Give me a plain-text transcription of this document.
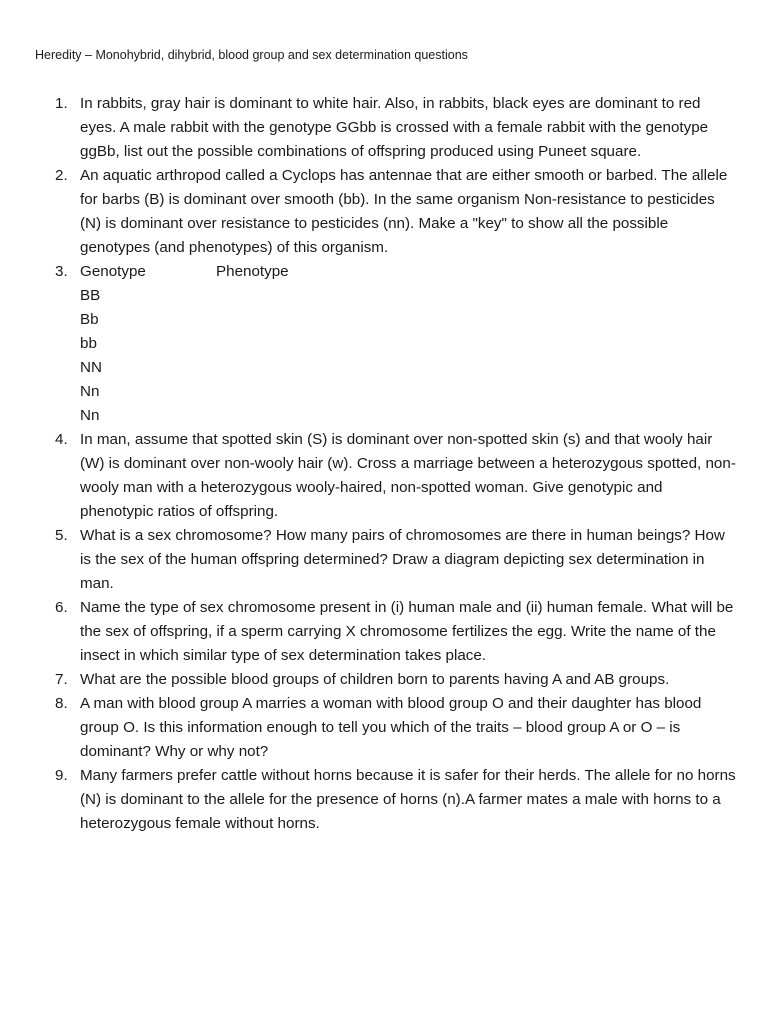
Heredity – Monohybrid, dihybrid, blood group and sex determination questions
1. In rabbits, gray hair is dominant to white hair. Also, in rabbits, black eyes are dominant to red eyes. A male rabbit with the genotype GGbb is crossed with a female rabbit with the genotype ggBb, list out the possible combinations of offspring produced using Puneet square.
2. An aquatic arthropod called a Cyclops has antennae that are either smooth or barbed. The allele for barbs (B) is dominant over smooth (bb). In the same organism Non-resistance to pesticides (N) is dominant over resistance to pesticides (nn). Make a "key" to show all the possible genotypes (and phenotypes) of this organism.
3. Genotype	Phenotype
BB
Bb
bb
NN
Nn
Nn
4. In man, assume that spotted skin (S) is dominant over non-spotted skin (s) and that wooly hair (W) is dominant over non-wooly hair (w). Cross a marriage between a heterozygous spotted, non-wooly man with a heterozygous wooly-haired, non-spotted woman. Give genotypic and phenotypic ratios of offspring.
5. What is a sex chromosome? How many pairs of chromosomes are there in human beings? How is the sex of the human offspring determined? Draw a diagram depicting sex determination in man.
6. Name the type of sex chromosome present in (i) human male and (ii) human female. What will be the sex of offspring, if a sperm carrying X chromosome fertilizes the egg. Write the name of the insect in which similar type of sex determination takes place.
7. What are the possible blood groups of children born to parents having A and AB groups.
8. A man with blood group A marries a woman with blood group O and their daughter has blood group O. Is this information enough to tell you which of the traits – blood group A or O – is dominant? Why or why not?
9. Many farmers prefer cattle without horns because it is safer for their herds. The allele for no horns (N) is dominant to the allele for the presence of horns (n).A farmer mates a male with horns to a heterozygous female without horns.
